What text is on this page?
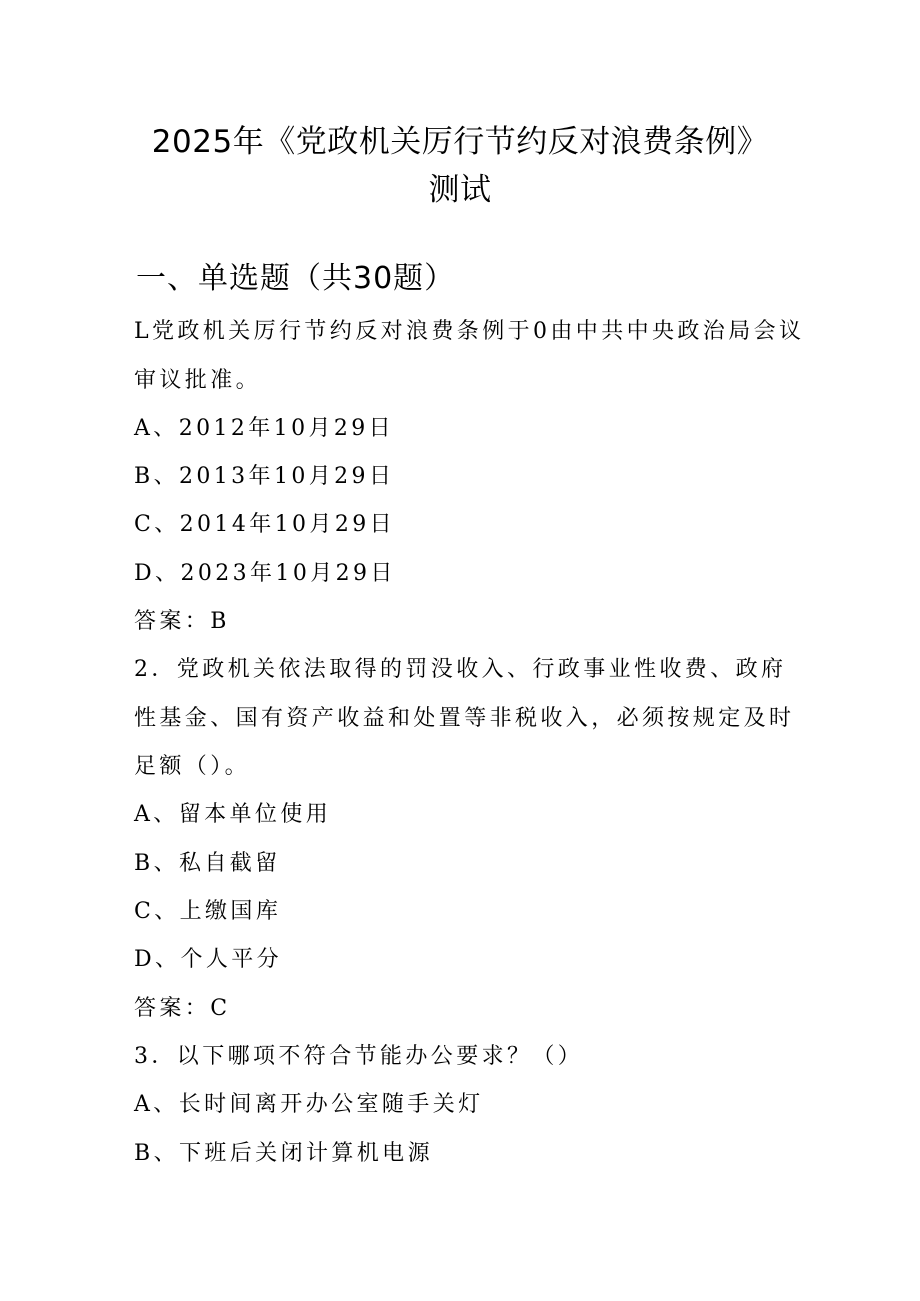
2025年《党政机关厉行节约反对浪费条例》
测试
一、单选题（共30题）
L党政机关厉行节约反对浪费条例于0由中共中央政治局会议
审议批准。
A、2012年10月29日
B、2013年10月29日
C、2014年10月29日
D、2023年10月29日
答案：B
2．党政机关依法取得的罚没收入、行政事业性收费、政府
性基金、国有资产收益和处置等非税收入，必须按规定及时
足额（）。
A、留本单位使用
B、私自截留
C、上缴国库
D、个人平分
答案：C
3．以下哪项不符合节能办公要求？（）
A、长时间离开办公室随手关灯
B、下班后关闭计算机电源
